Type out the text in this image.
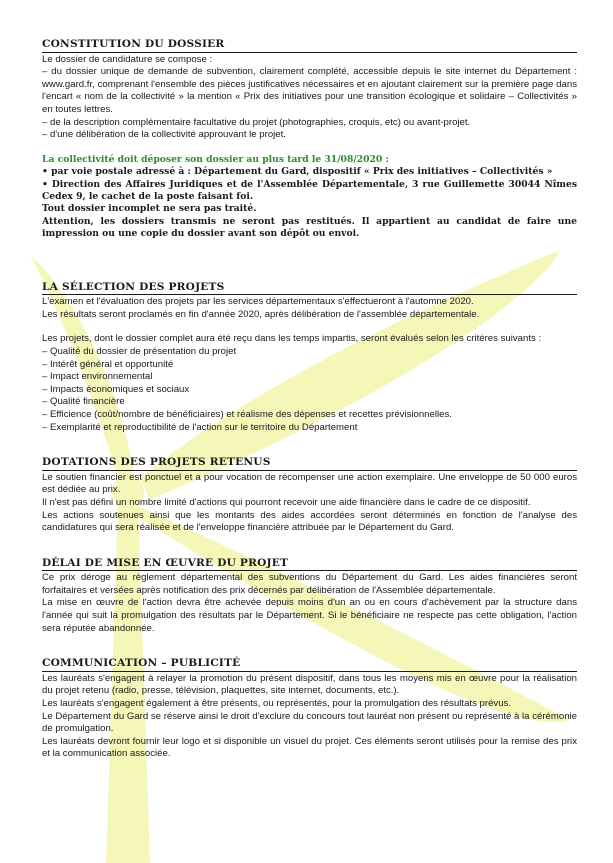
CONSTITUTION DU DOSSIER

Le dossier de candidature se compose :

– du dossier unique de demande de subvention, clairement complété, accessible depuis le site internet du Département : www.gard.fr, comprenant l'ensemble des pièces justificatives nécessaires et en ajoutant clairement sur la première page dans l'encart « nom de la collectivité » la mention « Prix des initiatives pour une transition écologique et solidaire – Collectivités » en toutes lettres.

– de la description complémentaire facultative du projet (photographies, croquis, etc) ou avant-projet.

– d'une délibération de la collectivité approuvant le projet.

La collectivité doit déposer son dossier au plus tard le 31/08/2020 :

• par voie postale adressé à : Département du Gard, dispositif « Prix des initiatives – Collectivités »

• Direction des Affaires Juridiques et de l'Assemblée Départementale, 3 rue Guillemette 30044 Nîmes Cedex 9, le cachet de la poste faisant foi.

Tout dossier incomplet ne sera pas traité.

Attention, les dossiers transmis ne seront pas restitués. Il appartient au candidat de faire une impression ou une copie du dossier avant son dépôt ou envoi.

LA SÉLECTION DES PROJETS

L'examen et l'évaluation des projets par les services départementaux s'effectueront à l'automne 2020.

Les résultats seront proclamés en fin d'année 2020, après délibération de l'assemblée départementale.

Les projets, dont le dossier complet aura été reçu dans les temps impartis, seront évalués selon les critères suivants :

– Qualité du dossier de présentation du projet

– Intérêt général et opportunité

– Impact environnemental

– Impacts économiques et sociaux

– Qualité financière

– Efficience (coût/nombre de bénéficiaires) et réalisme des dépenses et recettes prévisionnelles.

– Exemplarité et reproductibilité de l'action sur le territoire du Département

DOTATIONS DES PROJETS RETENUS

Le soutien financier est ponctuel et a pour vocation de récompenser une action exemplaire. Une enveloppe de 50 000 euros est dédiée au prix.

Il n'est pas défini un nombre limité d'actions qui pourront recevoir une aide financière dans le cadre de ce dispositif.

Les actions soutenues ainsi que les montants des aides accordées seront déterminés en fonction de l'analyse des candidatures qui sera réalisée et de l'enveloppe financière attribuée par le Département du Gard.

DÉLAI DE MISE EN ŒUVRE DU PROJET

Ce prix déroge au règlement départemental des subventions du Département du Gard. Les aides financières seront forfaitaires et versées après notification des prix décernés par délibération de l'Assemblée départementale.

La mise en œuvre de l'action devra être achevée depuis moins d'un an ou en cours d'achèvement par la structure dans l'année qui suit la promulgation des résultats par le Département. Si le bénéficiaire ne respecte pas cette obligation, l'action sera réputée abandonnée.

COMMUNICATION – PUBLICITÉ

Les lauréats s'engagent à relayer la promotion du présent dispositif, dans tous les moyens mis en œuvre pour la réalisation du projet retenu (radio, presse, télévision, plaquettes, site internet, documents, etc.).

Les lauréats s'engagent également à être présents, ou représentés, pour la promulgation des résultats prévus.

Le Département du Gard se réserve ainsi le droit d'exclure du concours tout lauréat non présent ou représenté à la cérémonie de promulgation.

Les lauréats devront fournir leur logo et si disponible un visuel du projet. Ces éléments seront utilisés pour la remise des prix et la communication associée.
